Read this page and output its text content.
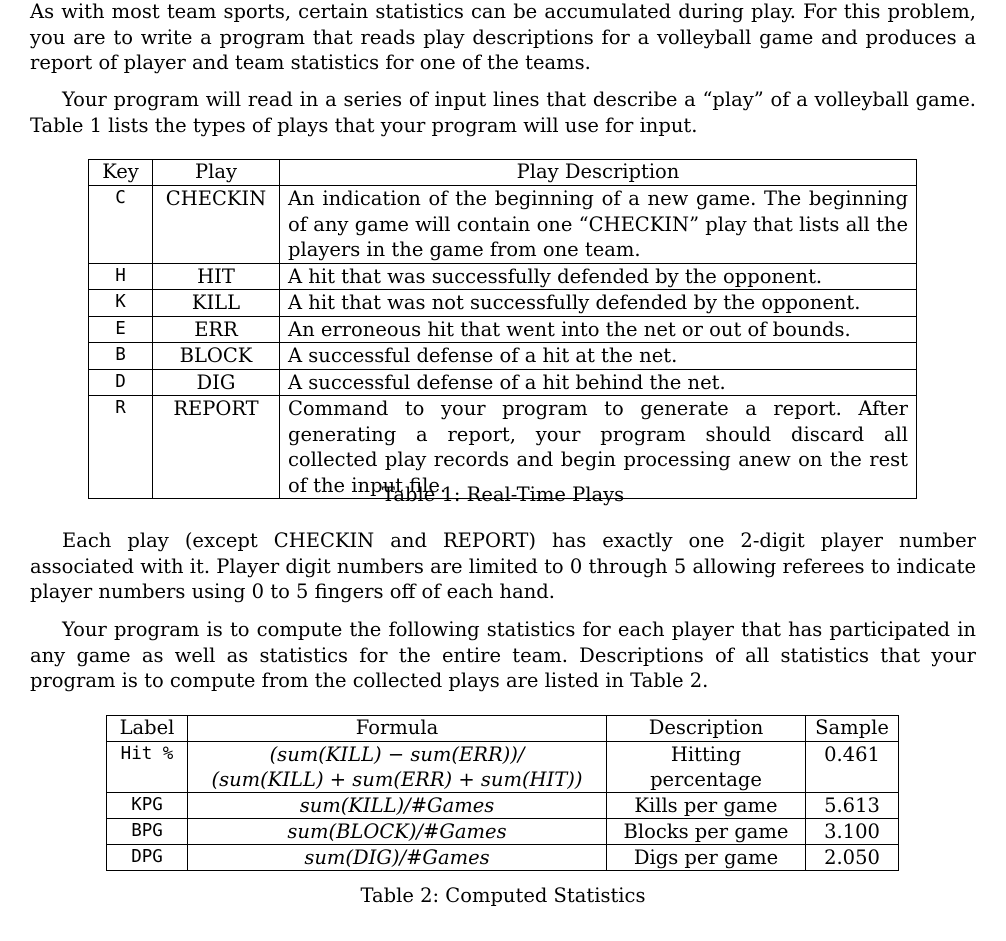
As with most team sports, certain statistics can be accumulated during play. For this problem, you are to write a program that reads play descriptions for a volleyball game and produces a report of player and team statistics for one of the teams.

Your program will read in a series of input lines that describe a “play” of a volleyball game. Table 1 lists the types of plays that your program will use for input.

Key	Play	Play Description
C	CHECKIN	An indication of the beginning of a new game. The beginning of any game will contain one “CHECKIN” play that lists all the players in the game from one team.
H	HIT	A hit that was successfully defended by the opponent.
K	KILL	A hit that was not successfully defended by the opponent.
E	ERR	An erroneous hit that went into the net or out of bounds.
B	BLOCK	A successful defense of a hit at the net.
D	DIG	A successful defense of a hit behind the net.
R	REPORT	Command to your program to generate a report. After generating a report, your program should discard all collected play records and begin processing anew on the rest of the input file.
Table 1: Real-Time Plays

Each play (except CHECKIN and REPORT) has exactly one 2-digit player number associated with it. Player digit numbers are limited to 0 through 5 allowing referees to indicate player numbers using 0 to 5 fingers off of each hand.

Your program is to compute the following statistics for each player that has participated in any game as well as statistics for the entire team. Descriptions of all statistics that your program is to compute from the collected plays are listed in Table 2.

Label	Formula	Description	Sample
Hit %	(sum(KILL) − sum(ERR))/
(sum(KILL) + sum(ERR) + sum(HIT))	Hitting percentage	0.461
KPG	sum(KILL)/#Games	Kills per game	5.613
BPG	sum(BLOCK)/#Games	Blocks per game	3.100
DPG	sum(DIG)/#Games	Digs per game	2.050
Table 2: Computed Statistics
